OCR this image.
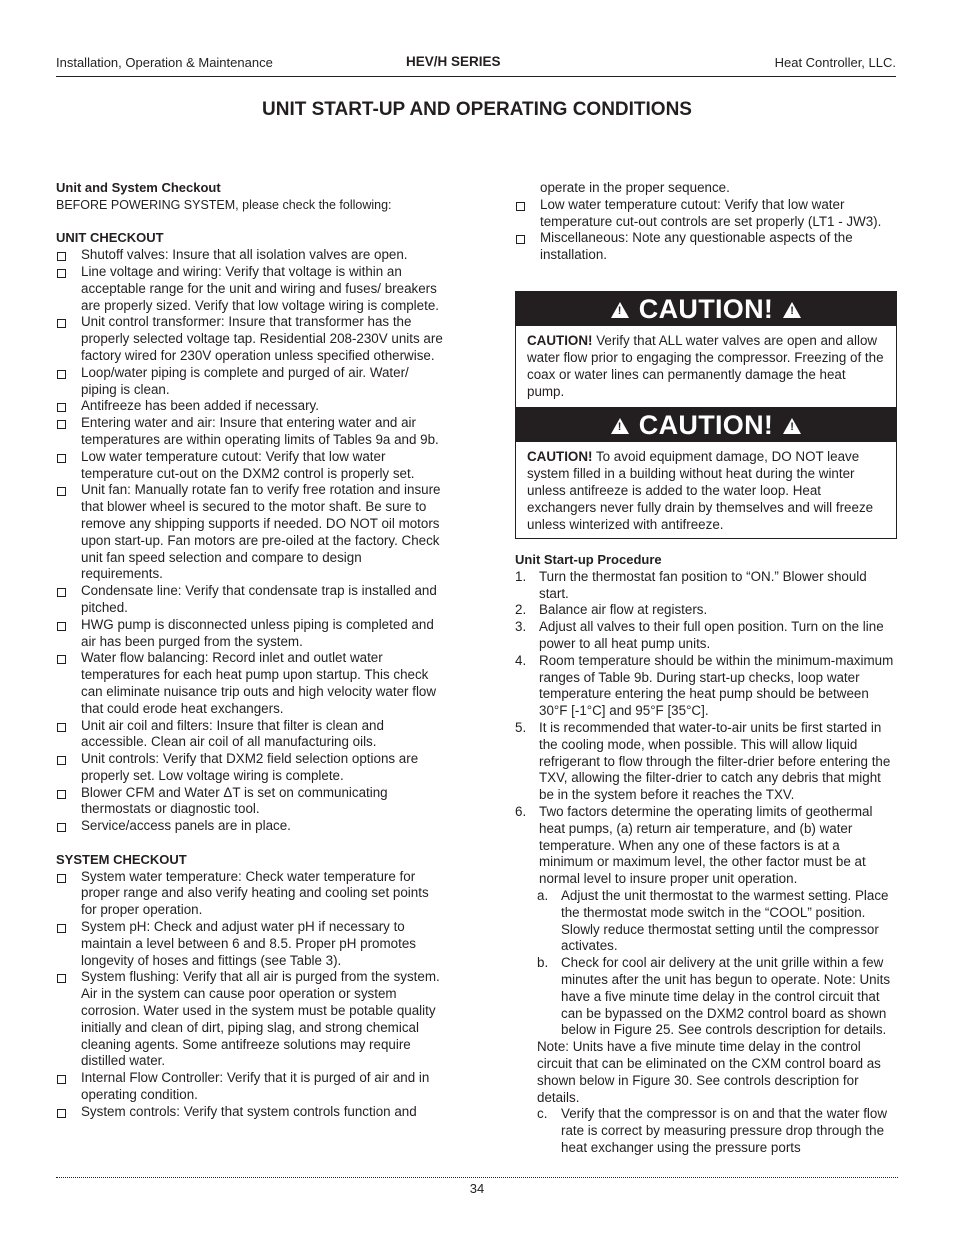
Installation, Operation & Maintenance	HEV/H SERIES	Heat Controller, LLC.
UNIT START-UP AND OPERATING CONDITIONS
Unit and System Checkout
BEFORE POWERING SYSTEM, please check the following:
UNIT CHECKOUT
Shutoff valves: Insure that all isolation valves are open.
Line voltage and wiring: Verify that voltage is within an acceptable range for the unit and wiring and fuses/ breakers are properly sized. Verify that low voltage wiring is complete.
Unit control transformer: Insure that transformer has the properly selected voltage tap. Residential 208-230V units are factory wired for 230V operation unless specified otherwise.
Loop/water piping is complete and purged of air. Water/ piping is clean.
Antifreeze has been added if necessary.
Entering water and air: Insure that entering water and air temperatures are within operating limits of Tables 9a and 9b.
Low water temperature cutout: Verify that low water temperature cut-out on the DXM2 control is properly set.
Unit fan: Manually rotate fan to verify free rotation and insure that blower wheel is secured to the motor shaft. Be sure to remove any shipping supports if needed. DO NOT oil motors upon start-up. Fan motors are pre-oiled at the factory. Check unit fan speed selection and compare to design requirements.
Condensate line: Verify that condensate trap is installed and pitched.
HWG pump is disconnected unless piping is completed and air has been purged from the system.
Water flow balancing: Record inlet and outlet water temperatures for each heat pump upon startup. This check can eliminate nuisance trip outs and high velocity water flow that could erode heat exchangers.
Unit air coil and filters: Insure that filter is clean and accessible. Clean air coil of all manufacturing oils.
Unit controls: Verify that DXM2 field selection options are properly set. Low voltage wiring is complete.
Blower CFM and Water ΔT is set on communicating thermostats or diagnostic tool.
Service/access panels are in place.
SYSTEM CHECKOUT
System water temperature: Check water temperature for proper range and also verify heating and cooling set points for proper operation.
System pH: Check and adjust water pH if necessary to maintain a level between 6 and 8.5. Proper pH promotes longevity of hoses and fittings (see Table 3).
System flushing: Verify that all air is purged from the system. Air in the system can cause poor operation or system corrosion. Water used in the system must be potable quality initially and clean of dirt, piping slag, and strong chemical cleaning agents. Some antifreeze solutions may require distilled water.
Internal Flow Controller: Verify that it is purged of air and in operating condition.
System controls: Verify that system controls function and
operate in the proper sequence.
Low water temperature cutout: Verify that low water temperature cut-out controls are set properly (LT1 - JW3).
Miscellaneous: Note any questionable aspects of the installation.
!
CAUTION!
!
CAUTION! Verify that ALL water valves are open and allow water flow prior to engaging the compressor. Freezing of the coax or water lines can permanently damage the heat pump.
!
CAUTION!
!
CAUTION! To avoid equipment damage, DO NOT leave system filled in a building without heat during the winter unless antifreeze is added to the water loop. Heat exchangers never fully drain by themselves and will freeze unless winterized with antifreeze.
Unit Start-up Procedure
1. Turn the thermostat fan position to “ON.” Blower should start.
2. Balance air flow at registers.
3. Adjust all valves to their full open position. Turn on the line power to all heat pump units.
4. Room temperature should be within the minimum-maximum ranges of Table 9b. During start-up checks, loop water temperature entering the heat pump should be between 30°F [-1°C] and 95°F [35°C].
5. It is recommended that water-to-air units be first started in the cooling mode, when possible. This will allow liquid refrigerant to flow through the filter-drier before entering the TXV, allowing the filter-drier to catch any debris that might be in the system before it reaches the TXV.
6. Two factors determine the operating limits of geothermal heat pumps, (a) return air temperature, and (b) water temperature. When any one of these factors is at a minimum or maximum level, the other factor must be at normal level to insure proper unit operation.
a. Adjust the unit thermostat to the warmest setting. Place the thermostat mode switch in the “COOL” position. Slowly reduce thermostat setting until the compressor activates.
b. Check for cool air delivery at the unit grille within a few minutes after the unit has begun to operate. Note: Units have a five minute time delay in the control circuit that can be bypassed on the DXM2 control board as shown below in Figure 25. See controls description for details.
Note: Units have a five minute time delay in the control circuit that can be eliminated on the CXM control board as shown below in Figure 30. See controls description for details.
c. Verify that the compressor is on and that the water flow rate is correct by measuring pressure drop through the heat exchanger using the pressure ports
34
